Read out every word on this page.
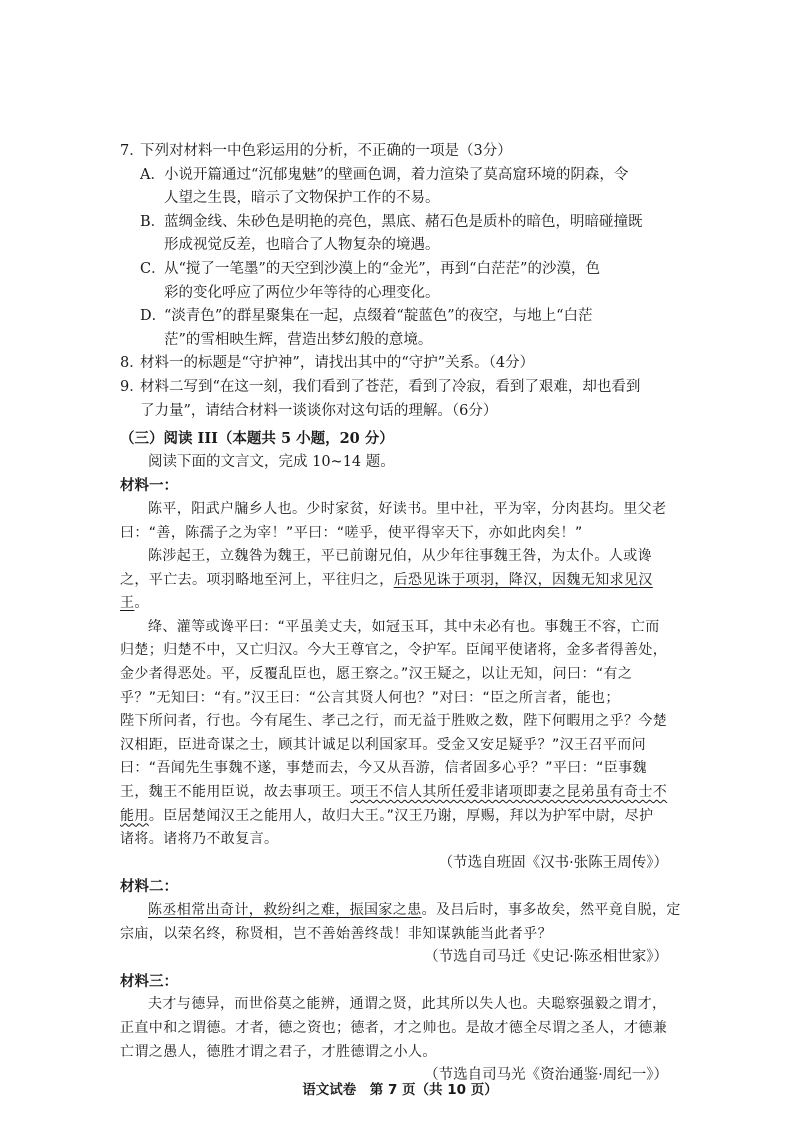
7．
下列对材料一中色彩运用的分析，不正确的一项是（3分）
A． 小说开篇通过“沉郁鬼魅”的壁画色调，着力渲染了莫高窟环境的阴森，令
人望之生畏，暗示了文物保护工作的不易。
B．
蓝绸金线、朱砂色是明艳的亮色，黑底、赭石色是质朴的暗色，明暗碰撞既
形成视觉反差，也暗合了人物复杂的境遇。
C．
从“搅了一笔墨”的天空到沙漠上的“金光”，再到“白茫茫”的沙漠，色
彩的变化呼应了两位少年等待的心理变化。
D．
“淡青色”的群星聚集在一起，点缀着“靛蓝色”的夜空，与地上“白茫
茫”的雪相映生辉，营造出梦幻般的意境。
8．
材料一的标题是“守护神”，请找出其中的“守护”关系。（4分）
9．
材料二写到“在这一刻，我们看到了苍茫，看到了冷寂，看到了艰难，却也看到
了力量”，请结合材料一谈谈你对这句话的理解。（6分）
（三）阅读 III（本题共 5 小题，20 分）
阅读下面的文言文，完成 10~14 题。
材料一：
陈平，阳武户牖乡人也。少时家贫，好读书。里中社，平为宰，分肉甚均。里父老
曰：“善，陈孺子之为宰！”平曰：“嗟乎，使平得宰天下，亦如此肉矣！”
陈涉起王，立魏咎为魏王，平已前谢兄伯，从少年往事魏王咎，为太仆。人或谗
之，平亡去。项羽略地至河上，平往归之，后恐见诛于项羽，降汉，因魏无知求见汉
王。
绛、灌等或谗平曰：“平虽美丈夫，如冠玉耳，其中未必有也。事魏王不容，亡而
归楚；归楚不中，又亡归汉。今大王尊官之，令护军。臣闻平使诸将，金多者得善处，
金少者得恶处。平，反覆乱臣也，愿王察之。”汉王疑之，以让无知，问曰：“有之
乎？”无知曰：“有。”汉王曰：“公言其贤人何也？”对曰：“臣之所言者，能也；
陛下所问者，行也。今有尾生、孝己之行，而无益于胜败之数，陛下何暇用之乎？今楚
汉相距，臣进奇谋之士，顾其计诚足以利国家耳。受金又安足疑乎？”汉王召平而问
曰：“吾闻先生事魏不遂，事楚而去，今又从吾游，信者固多心乎？”平曰：“臣事魏
王，魏王不能用臣说，故去事项王。项王不信人其所任爱非诸项即妻之昆弟虽有奇士不
能用。臣居楚闻汉王之能用人，故归大王。”汉王乃谢，厚赐，拜以为护军中尉，尽护
诸将。诸将乃不敢复言。
（节选自班固《汉书·张陈王周传》）
材料二：
陈丞相常出奇计，救纷纠之难，振国家之患。及吕后时，事多故矣，然平竟自脱，定
宗庙，以荣名终，称贤相，岂不善始善终哉！非知谋孰能当此者乎？
（节选自司马迁《史记·陈丞相世家》）
材料三：
夫才与德异，而世俗莫之能辨，通谓之贤，此其所以失人也。夫聪察强毅之谓才，
正直中和之谓德。才者，德之资也；德者，才之帅也。是故才德全尽谓之圣人，才德兼
亡谓之愚人，德胜才谓之君子，才胜德谓之小人。
（节选自司马光《资治通鉴·周纪一》）
语文试卷　第 7 页（共 10 页）
